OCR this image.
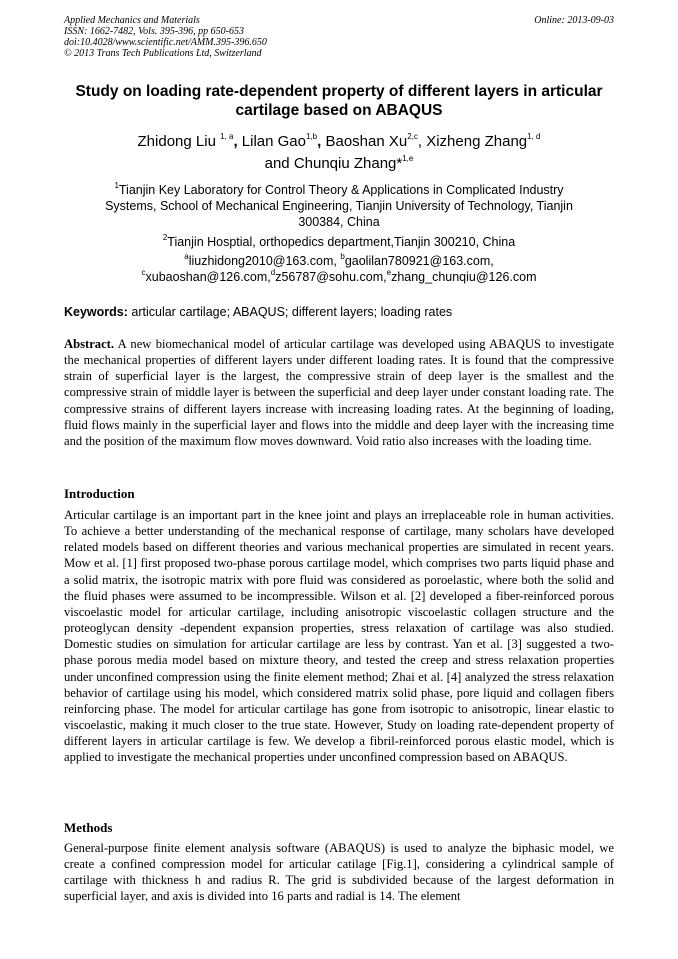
Applied Mechanics and Materials
ISSN: 1662-7482, Vols. 395-396, pp 650-653
doi:10.4028/www.scientific.net/AMM.395-396.650
© 2013 Trans Tech Publications Ltd, Switzerland
Online: 2013-09-03
Study on loading rate-dependent property of different layers in articular cartilage based on ABAQUS
Zhidong Liu $^{1, a}$, Lilan Gao$^{1,b}$, Baoshan Xu$^{2,c}$, Xizheng Zhang$^{1, d}$
and Chunqiu Zhang*$^{1,e}$
$^1$Tianjin Key Laboratory for Control Theory & Applications in Complicated Industry Systems, School of Mechanical Engineering, Tianjin University of Technology, Tianjin 300384, China
$^2$Tianjin Hosptial, orthopedics department,Tianjin 300210, China
$^a$liuzhidong2010@163.com, $^b$gaolilan780921@163.com,
$^c$xubaoshan@126.com,$^d$z56787@sohu.com,$^e$zhang_chunqiu@126.com
Keywords: articular cartilage; ABAQUS; different layers; loading rates

Abstract. A new biomechanical model of articular cartilage was developed using ABAQUS to investigate the mechanical properties of different layers under different loading rates. It is found that the compressive strain of superficial layer is the largest, the compressive strain of deep layer is the smallest and the compressive strain of middle layer is between the superficial and deep layer under constant loading rate. The compressive strains of different layers increase with increasing loading rates. At the beginning of loading, fluid flows mainly in the superficial layer and flows into the middle and deep layer with the increasing time and the position of the maximum flow moves downward. Void ratio also increases with the loading time.

Introduction

Articular cartilage is an important part in the knee joint and plays an irreplaceable role in human activities. To achieve a better understanding of the mechanical response of cartilage, many scholars have developed related models based on different theories and various mechanical properties are simulated in recent years. Mow et al. [1] first proposed two-phase porous cartilage model, which comprises two parts liquid phase and a solid matrix, the isotropic matrix with pore fluid was considered as poroelastic, where both the solid and the fluid phases were assumed to be incompressible. Wilson et al. [2] developed a fiber-reinforced porous viscoelastic model for articular cartilage, including anisotropic viscoelastic collagen structure and the proteoglycan density -dependent expansion properties, stress relaxation of cartilage was also studied. Domestic studies on simulation for articular cartilage are less by contrast. Yan et al. [3] suggested a two-phase porous media model based on mixture theory, and tested the creep and stress relaxation properties under unconfined compression using the finite element method; Zhai et al. [4] analyzed the stress relaxation behavior of cartilage using his model, which considered matrix solid phase, pore liquid and collagen fibers reinforcing phase. The model for articular cartilage has gone from isotropic to anisotropic, linear elastic to viscoelastic, making it much closer to the true state. However, Study on loading rate-dependent property of different layers in articular cartilage is few. We develop a fibril-reinforced porous elastic model, which is applied to investigate the mechanical properties under unconfined compression based on ABAQUS.

Methods

General-purpose finite element analysis software (ABAQUS) is used to analyze the biphasic model, we create a confined compression model for articular catilage [Fig.1], considering a cylindrical sample of cartilage with thickness h and radius R. The grid is subdivided because of the largest deformation in superficial layer, and axis is divided into 16 parts and radial is 14. The element
